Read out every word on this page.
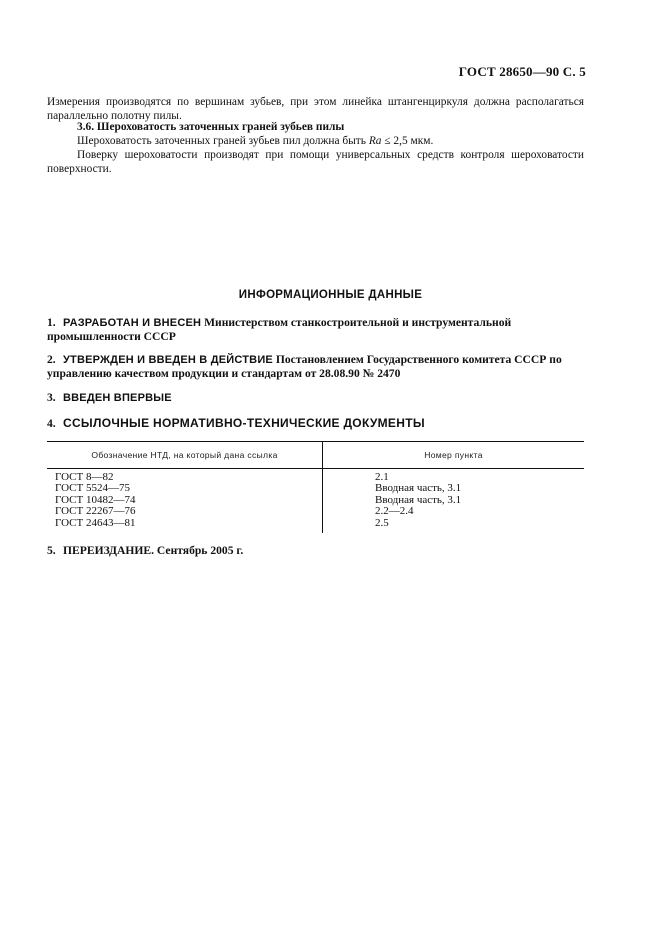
ГОСТ 28650—90 С. 5
Измерения производятся по вершинам зубьев, при этом линейка штангенциркуля должна располагаться параллельно полотну пилы.
3.6. Шероховатость заточенных граней зубьев пилы
Шероховатость заточенных граней зубьев пил должна быть Ra ≤ 2,5 мкм.
Поверку шероховатости производят при помощи универсальных средств контроля шероховатости поверхности.
ИНФОРМАЦИОННЫЕ ДАННЫЕ
1. РАЗРАБОТАН И ВНЕСЕН Министерством станкостроительной и инструментальной промышленности СССР
2. УТВЕРЖДЕН И ВВЕДЕН В ДЕЙСТВИЕ Постановлением Государственного комитета СССР по управлению качеством продукции и стандартам от 28.08.90 № 2470
3. ВВЕДЕН ВПЕРВЫЕ
4. ССЫЛОЧНЫЕ НОРМАТИВНО-ТЕХНИЧЕСКИЕ ДОКУМЕНТЫ
Обозначение НТД, на который дана ссылка	Номер пункта
ГОСТ 8—82	2.1
ГОСТ 5524—75	Вводная часть, 3.1
ГОСТ 10482—74	Вводная часть, 3.1
ГОСТ 22267—76	2.2—2.4
ГОСТ 24643—81	2.5
5. ПЕРЕИЗДАНИЕ. Сентябрь 2005 г.
